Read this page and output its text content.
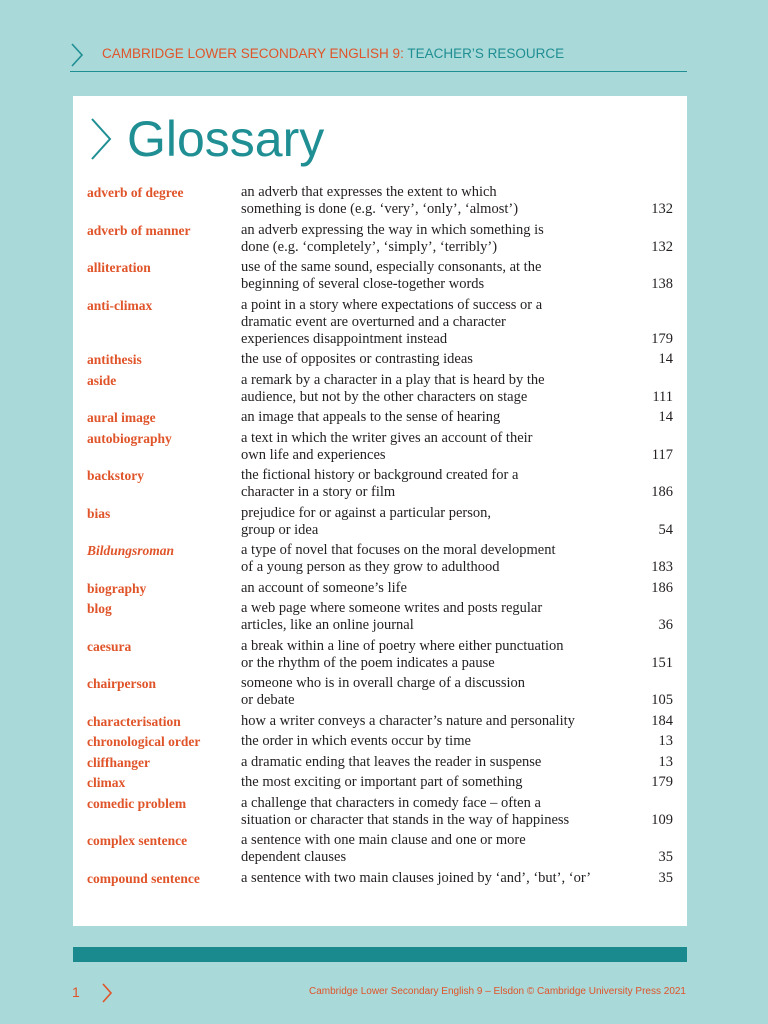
CAMBRIDGE LOWER SECONDARY ENGLISH 9: TEACHER’S RESOURCE
Glossary
adverb of degree	an adverb that expresses the extent to which
something is done (e.g. ‘very’, ‘only’, ‘almost’)	132
adverb of manner	an adverb expressing the way in which something is
done (e.g. ‘completely’, ‘simply’, ‘terribly’)	132
alliteration	use of the same sound, especially consonants, at the
beginning of several close-together words	138
anti-climax	a point in a story where expectations of success or a
dramatic event are overturned and a character
experiences disappointment instead	179
antithesis	the use of opposites or contrasting ideas	14
aside	a remark by a character in a play that is heard by the
audience, but not by the other characters on stage	111
aural image	an image that appeals to the sense of hearing	14
autobiography	a text in which the writer gives an account of their
own life and experiences	117
backstory	the fictional history or background created for a
character in a story or film	186
bias	prejudice for or against a particular person,
group or idea	54
Bildungsroman	a type of novel that focuses on the moral development
of a young person as they grow to adulthood	183
biography	an account of someone’s life	186
blog	a web page where someone writes and posts regular
articles, like an online journal	36
caesura	a break within a line of poetry where either punctuation
or the rhythm of the poem indicates a pause	151
chairperson	someone who is in overall charge of a discussion
or debate	105
characterisation	how a writer conveys a character’s nature and personality	184
chronological order	the order in which events occur by time	13
cliffhanger	a dramatic ending that leaves the reader in suspense	13
climax	the most exciting or important part of something	179
comedic problem	a challenge that characters in comedy face – often a
situation or character that stands in the way of happiness	109
complex sentence	a sentence with one main clause and one or more
dependent clauses	35
compound sentence	a sentence with two main clauses joined by ‘and’, ‘but’, ‘or’	35
1	Cambridge Lower Secondary English 9 – Elsdon © Cambridge University Press 2021
